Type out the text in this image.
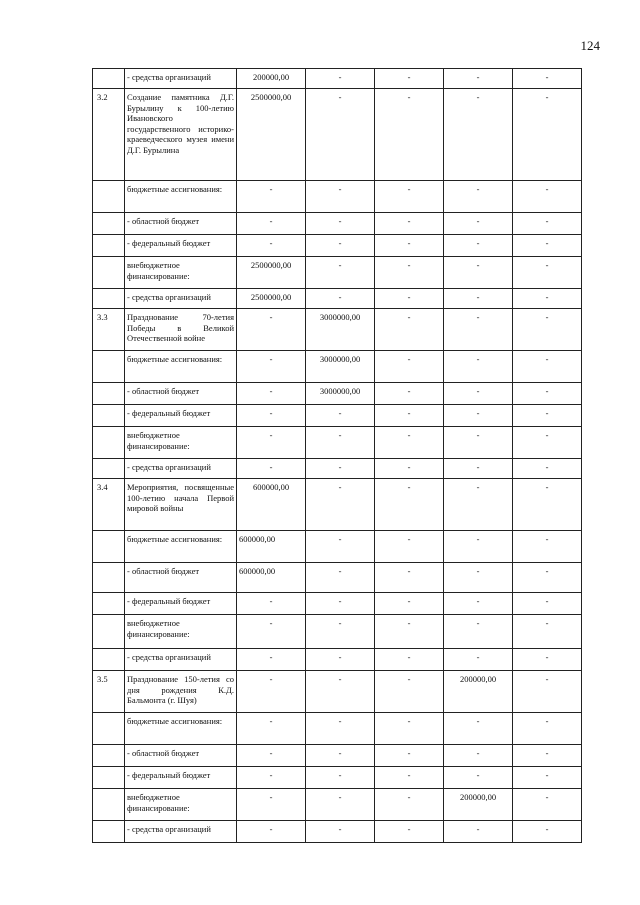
124
	- средства организаций	200000,00	-	-	-	-
3.2	Создание памятника Д.Г. Бурылину к 100-летию Ивановского государственного историко-краеведческого музея имени Д.Г. Бурылина	2500000,00	-	-	-	-
	бюджетные ассигнования:	-	-	-	-	-
	- областной бюджет	-	-	-	-	-
	- федеральный бюджет	-	-	-	-	-
	внебюджетное финансирование:	2500000,00	-	-	-	-
	- средства организаций	2500000,00	-	-	-	-
3.3	Празднование 70-летия Победы в Великой Отечественной войне	-	3000000,00	-	-	-
	бюджетные ассигнования:	-	3000000,00	-	-	-
	- областной бюджет	-	3000000,00	-	-	-
	- федеральный бюджет	-	-	-	-	-
	внебюджетное финансирование:	-	-	-	-	-
	- средства организаций	-	-	-	-	-
3.4	Мероприятия, посвященные 100-летию начала Первой мировой войны	600000,00	-	-	-	-
	бюджетные ассигнования:	600000,00	-	-	-	-
	- областной бюджет	600000,00	-	-	-	-
	- федеральный бюджет	-	-	-	-	-
	внебюджетное финансирование:	-	-	-	-	-
	- средства организаций	-	-	-	-	-
3.5	Празднование 150-летия со дня рождения К.Д. Бальмонта (г. Шуя)	-	-	-	200000,00	-
	бюджетные ассигнования:	-	-	-	-	-
	- областной бюджет	-	-	-	-	-
	- федеральный бюджет	-	-	-	-	-
	внебюджетное финансирование:	-	-	-	200000,00	-
	- средства организаций	-	-	-	-	-
